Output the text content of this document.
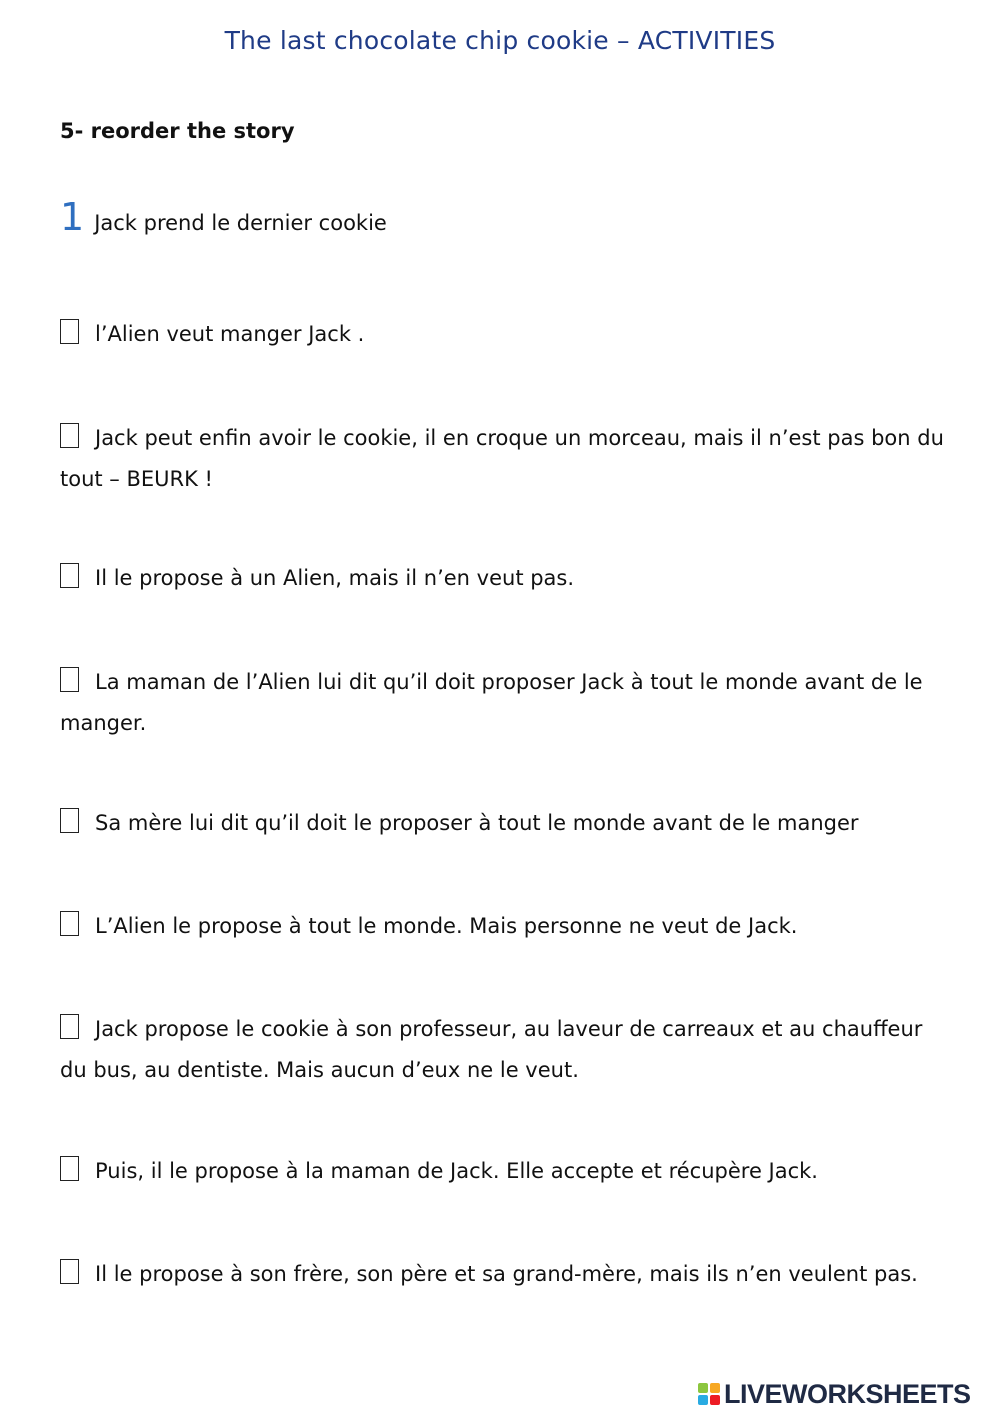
The last chocolate chip cookie – ACTIVITIES
5- reorder the story
1 Jack prend le dernier cookie
l’Alien veut manger Jack .
Jack peut enfin avoir le cookie, il en croque un morceau, mais il n’est pas bon du tout – BEURK !
Il le propose à un Alien, mais il n’en veut pas.
La maman de l’Alien lui dit qu’il doit proposer Jack à tout le monde avant de le manger.
Sa mère lui dit qu’il doit le proposer à tout le monde avant de le manger
L’Alien le propose à tout le monde. Mais personne ne veut de Jack.
Jack propose le cookie à son professeur, au laveur de carreaux et au chauffeur du bus, au dentiste. Mais aucun d’eux ne le veut.
Puis, il le propose à la maman de Jack. Elle accepte et récupère Jack.
Il le propose à son frère, son père et sa grand-mère, mais ils n’en veulent pas.
LIVEWORKSHEETS
